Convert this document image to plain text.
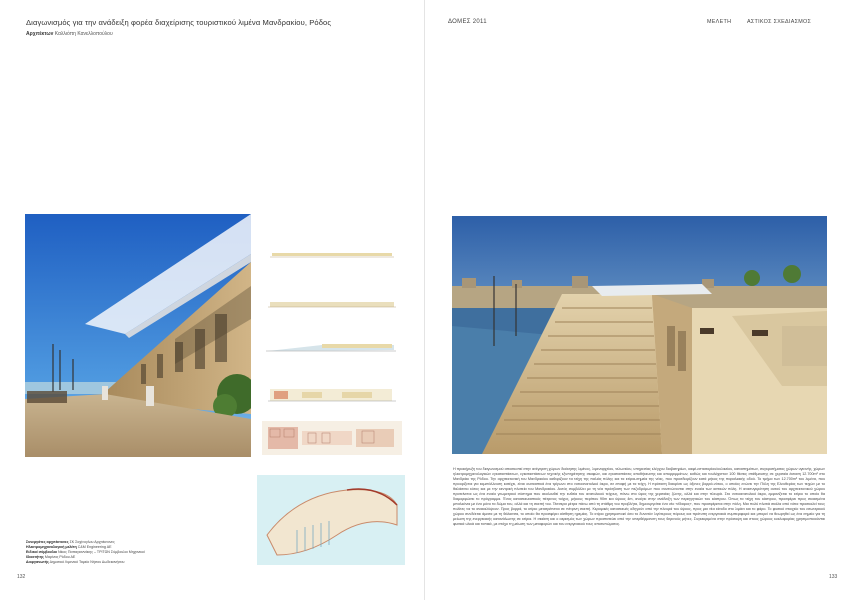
Διαγωνισμός για την ανάδειξη φορέα διαχείρισης τουριστικού λιμένα Μανδρακίου, Ρόδος
Αρχιτέκτων Καλλιόπη Κανελλοπούλου
Συνεργάτες αρχιτέκτονες ΣΚ Σαχίνογλου Αρχιτέκτονες
Ηλεκτρομηχανολογική μελέτη C&M Engineering AE
Ειδικοί σύμβουλοι Νίκος Παπαγιαννάκης – ΤΡΙΤΩΝ Σύμβουλοι Μηχανικοί
Ιδιοκτήτης Μαρίνας Ρόδου ΑΕ
Διοργανωτής Δημοτικό Λιμενικό Ταμείο Νήσου Δωδεκανήσου
132
ΔΟΜΕΣ 2011	ΜΕΛΕΤΗ	ΑΣΤΙΚΟΣ ΣΧΕΔΙΑΣΜΟΣ
Η προκήρυξη του διαγωνισμού αποσκοπεί στην ανέγερση χώρων διοίκησης λιμένος, λιμεναρχείου, τελωνείου, υπηρεσίας ελέγχου διαβατηρίων, καφέ-εστιατορίου/κυλικείου, καταστημάτων, συγκροτήματος χώρων υγιεινής, χώρων ηλεκτρομηχανολογικών εγκαταστάσεων, εγκαταστάσεων τεχνικής εξυπηρέτησης σκαφών, και εγκαταστάσεις αποθήκευσης και απορριμμάτων, καθώς και τουλάχιστον 100 θέσεις στάθμευσης σε χερσαία έκταση 12.700m² στο Μανδράκι της Ρόδου. Την αρχιτεκτονική του Μανδρακίου καθορίζουν τα τείχη της παλιάς πόλης και τα κτίρια-σημεία της νέας, που προσδιορίζουν κατά μήκος της παραλιακής οδού. Το τμήμα των 12.700m² του λιμένα, που προορίζεται για εκμετάλλευση κατέχει, είναι ουσιαστικά ένα τρίγωνο στο νοτιοανατολικό άκρο, σε επαφή με τα τείχη. Η πρόταση διακρίνει ως άξονες βορρά-νότου, ο οποίος ενώνει την Πύλη της Ελευθερίας των τειχών με το θαλάσσιο κύτος και με την κεντρική πλατεία του Μανδρακίου. Αυτός συμβάλλει με τη νέα πρόσβαση των πεζοδρόμων που συνενώνονται στην ενιαία των αστικών πόλη. Η ανασυγκρότηση αυτού του αρχιτεκτονικού χώρου προτείνεται ως ένα ενιαίο γεωμετρικό σύστημα που ακολουθεί την ευθεία του ανατολικού τείχους, πάνω στο ύφος της χερσαίας ζώνης, αλλά και στην πλευρά. Στο νοτιοανατολικό άκρο, εμφανίζεται το κτίριο το οποίο θα διαμορφώσει το πρόγραμμα. Ένας κατασκευαστικός πέτρινος τοίχος, μήκους περίπου 90m και ύψους 4m, ανοίγει στην ανάδειξη των περιηγητικών του κάστρου. Όπως τα τείχη του κάστρου, προσφέρει προς σκιασμένα μπαλκόνια με ένα μόνο τα δώμα του, αλλά και τη σκεπή του. Τέσσερα μέτρα πάνω από τη στάθμη του προβλήτα, δημιουργείται ένα νέο «έδαφος», που προσφέρεται στην πόλη. Μια πολύ πλατιά σκάλα από νότια προσκαλεί τους πολίτες να το ανακαλύψουν. Προς βορρά, το κτίριο μετατρέπεται σε πέτρινη σκεπή. Κεραμικές κατασκευές οδηγούν από την πλευρά του ύψους, προς μια νέα είσοδο στο λιμάνι και το φάρο. Το φυσικό στοιχείο του εσωτερικού χώρου συνδέεται άμεσα με τη θάλασσα, το οποίο θα προσφέρει αίσθηση ηρεμίας. Το κτίριο χρησιμοποιεί όσο το δυνατόν λιγότερους πόρους και πρότυπη ενεργειακά συμπεριφορά και μπορεί να θεωρηθεί ως ένα σημείο για τη μείωση της ενεργειακής κατανάλωσης σε κτίρια. Η σκιάση και ο αερισμός των χώρων προστατεύει από την υπερθέρμανση τους θερινούς μήνες. Συγκεκριμένα στην πρόσοψη και στους χώρους κυκλοφορίας χρησιμοποιούνται φυσικά υλικά και τοπικά, με στόχο τη μείωση των μεταφορών και του ενεργειακού τους αποτυπώματος.
133
